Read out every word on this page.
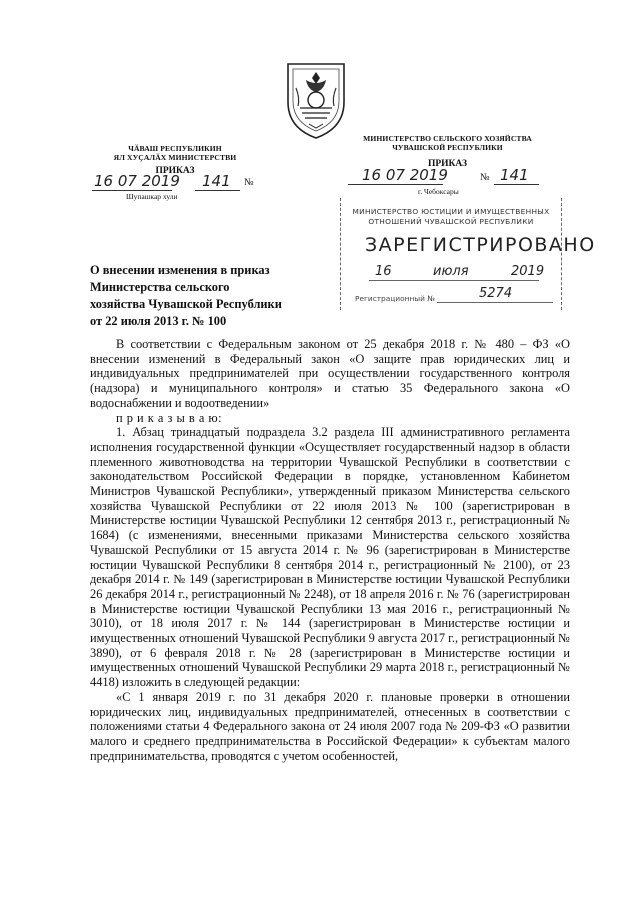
ЧӐВАШ РЕСПУБЛИКИН
ЯЛ ХУҪАЛӐХ МИНИСТЕРСТВИ
ПРИКАЗ
16 07 2019 141 №
Шупашкар хули
МИНИСТЕРСТВО СЕЛЬСКОГО ХОЗЯЙСТВА
ЧУВАШСКОЙ РЕСПУБЛИКИ
ПРИКАЗ
16 07 2019	№ 141
г. Чебоксары
МИНИСТЕРСТВО ЮСТИЦИИ И ИМУЩЕСТВЕННЫХ
ОТНОШЕНИЙ ЧУВАШСКОЙ РЕСПУБЛИКИ
ЗАРЕГИСТРИРОВАНО
16	июля	2019
Регистрационный №	5274
О внесении изменения в приказ
Министерства сельского
хозяйства Чувашской Республики
от 22 июля 2013 г. № 100

В соответствии с Федеральным законом от 25 декабря 2018 г. № 480 – ФЗ «О внесении изменений в Федеральный закон «О защите прав юридических лиц и индивидуальных предпринимателей при осуществлении государственного контроля (надзора) и муниципального контроля» и статью 35 Федерального закона «О водоснабжении и водоотведении»

п р и к а з ы в а ю:

1. Абзац тринадцатый подраздела 3.2 раздела III административного регламента исполнения государственной функции «Осуществляет государственный надзор в области племенного животноводства на территории Чувашской Республики в соответствии с законодательством Российской Федерации в порядке, установленном Кабинетом Министров Чувашской Республики», утвержденный приказом Министерства сельского хозяйства Чувашской Республики от 22 июля 2013 № 100 (зарегистрирован в Министерстве юстиции Чувашской Республики 12 сентября 2013 г., регистрационный № 1684) (с изменениями, внесенными приказами Министерства сельского хозяйства Чувашской Республики от 15 августа 2014 г. № 96 (зарегистрирован в Министерстве юстиции Чувашской Республики 8 сентября 2014 г., регистрационный № 2100), от 23 декабря 2014 г. № 149 (зарегистрирован в Министерстве юстиции Чувашской Республики 26 декабря 2014 г., регистрационный № 2248), от 18 апреля 2016 г. № 76 (зарегистрирован в Министерстве юстиции Чувашской Республики 13 мая 2016 г., регистрационный № 3010), от 18 июля 2017 г. № 144 (зарегистрирован в Министерстве юстиции и имущественных отношений Чувашской Республики 9 августа 2017 г., регистрационный № 3890), от 6 февраля 2018 г. № 28 (зарегистрирован в Министерстве юстиции и имущественных отношений Чувашской Республики 29 марта 2018 г., регистрационный № 4418) изложить в следующей редакции:

«С 1 января 2019 г. по 31 декабря 2020 г. плановые проверки в отношении юридических лиц, индивидуальных предпринимателей, отнесенных в соответствии с положениями статьи 4 Федерального закона от 24 июля 2007 года № 209-ФЗ «О развитии малого и среднего предпринимательства в Российской Федерации» к субъектам малого предпринимательства, проводятся с учетом особенностей,
